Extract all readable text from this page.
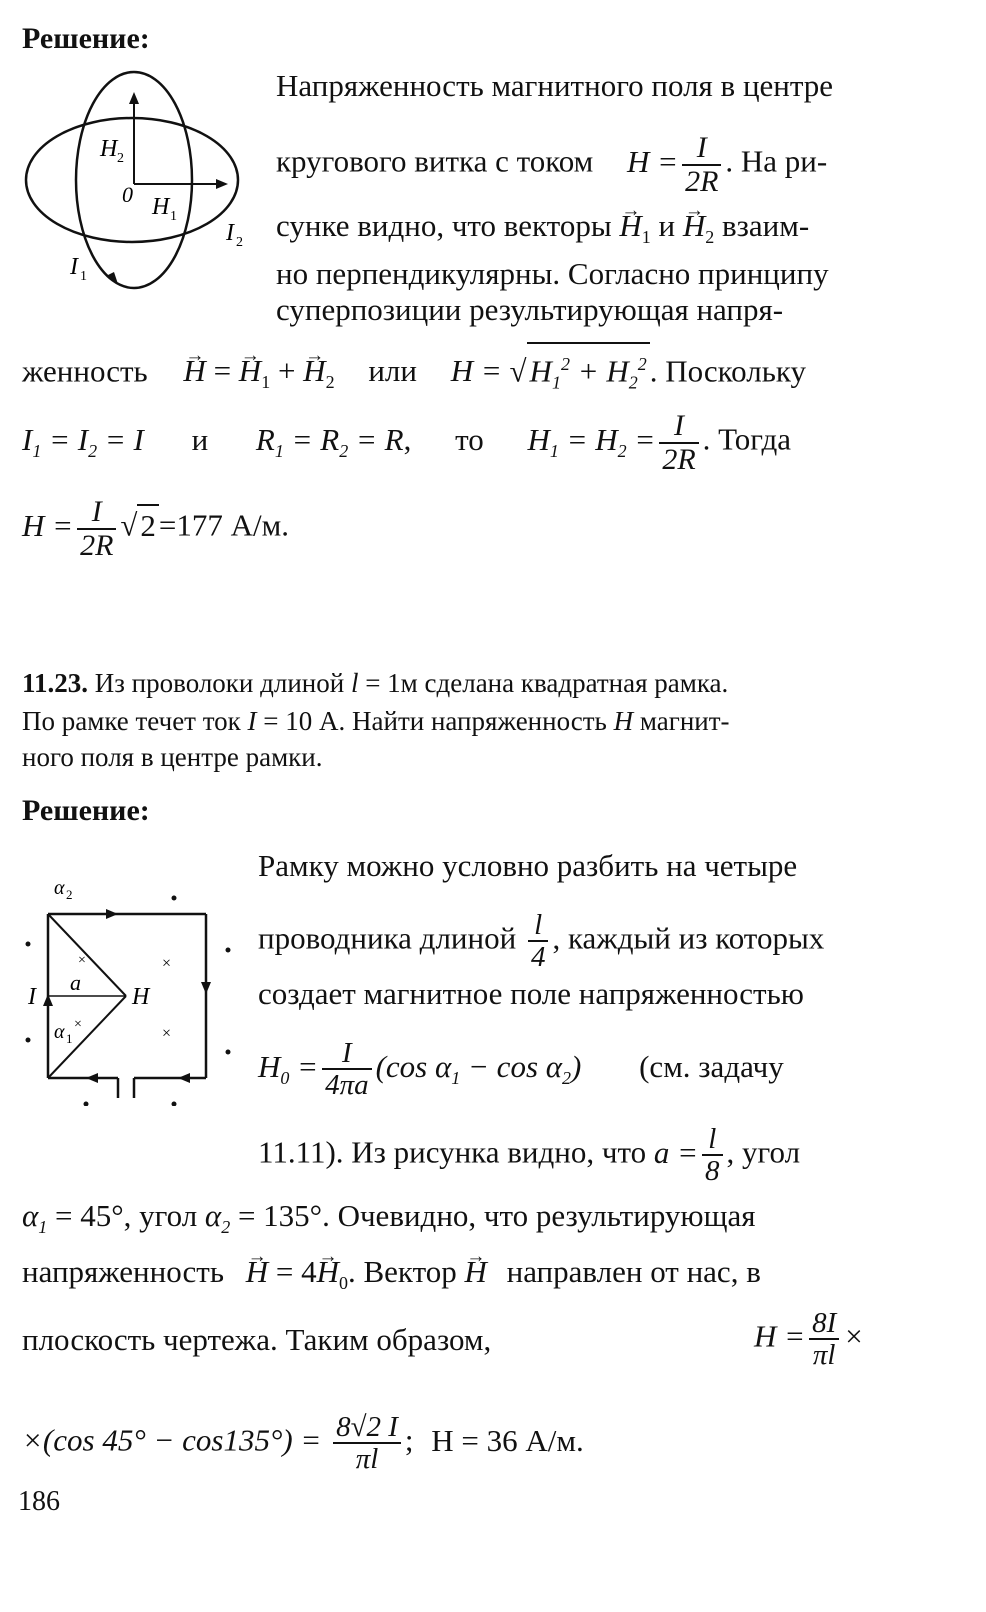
Решение:
H 2
0 H 1
I 2
I 1
Напряженность магнитного поля в центре
кругового витка с током $H = \frac{I}{2R}$ . На ри-
сунке видно, что векторы → $H_1$ $и \to H_2$ взаим-
но перпендикулярны. Согласно принципу
суперпозиции результирующая напря-
женность → H = → $H_1$ + → $H_2$ или $H = √H_1^2 + H_2^2$. Поскольку
$I_1 = I_2 = I$ и $R_1 = R_2 = R$, то $H_1 = H_2 = \frac{I}{2R}$ . Тогда
$H = \frac{I}{2R} √2=177$ А/м.
11.23. Из проволоки длиной l = 1м сделана квадратная рамка.
По рамке течет ток I = 10 А. Найти напряженность H магнит-
ного поля в центре рамки.
Решение:
α 2
a
α 1
H
I
×
×
×
×
Рамку можно условно разбить на четыре
проводника длиной $\frac{l}{4}$ , каждый из которых
создает магнитное поле напряженностью
$H_0 = \frac{I}{4\pi a} (\cos$ $\alpha_1 - \cos \alpha_2$) (см. задачу
11.11). Из рисунка видно, что $a = \frac{l}{8}$ , угол
$\alpha_1 = 45^\circ$, угол $\alpha_2 = 135^\circ$. Очевидно, что результирующая
напряженность → $H = 4\to H_0$. Вектор → H направлен от нас, в
плоскость чертежа. Таким образом,	$H = \frac{8I}{\pi l}$ ×
×(cos $45^\circ - \cos 135^\circ) = \frac{8√2 I}{\pi l}$ ; H = 36 А/м.
186
